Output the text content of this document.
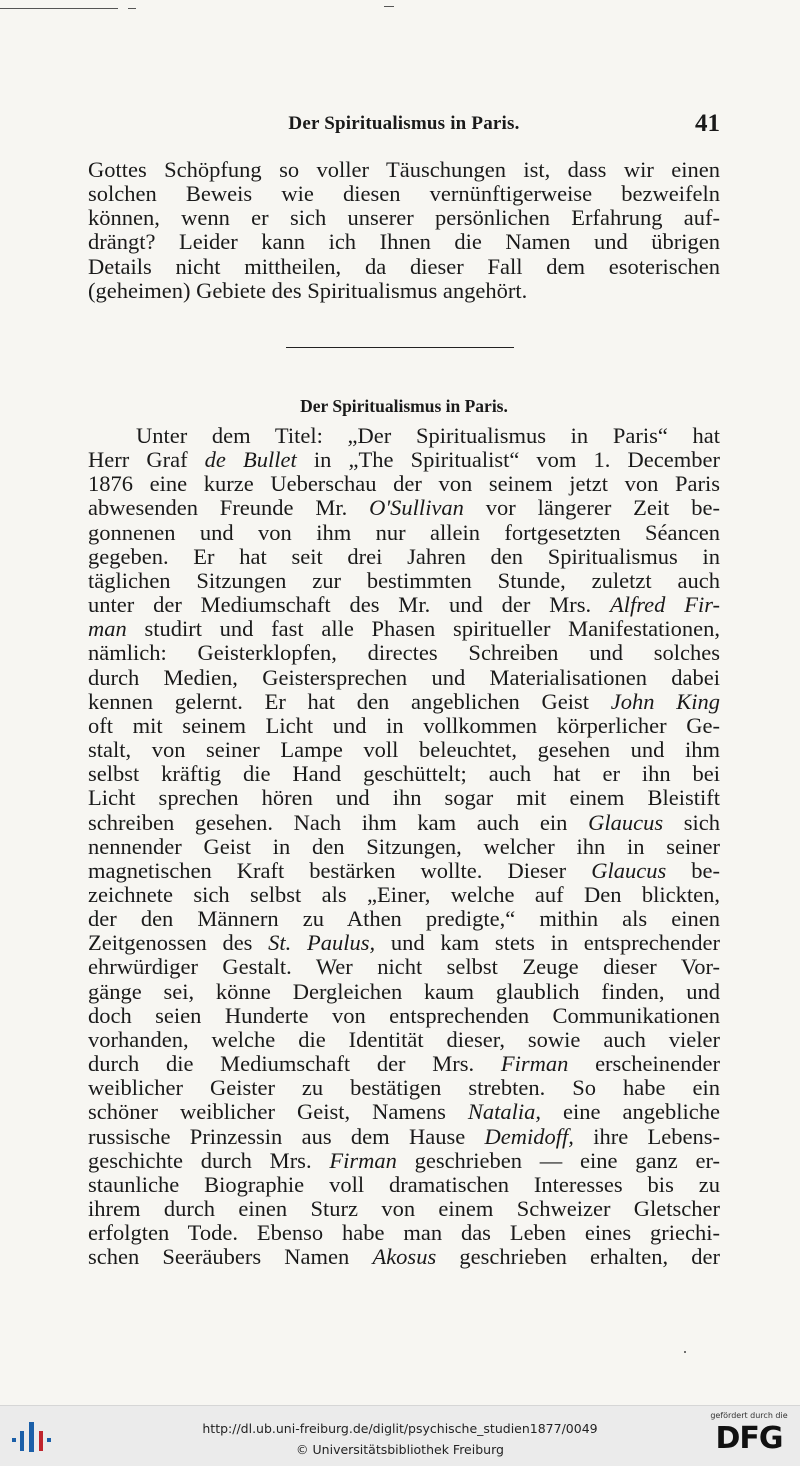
Der Spiritualismus in Paris.	41
Gottes Schöpfung so voller Täuschungen ist, dass wir einen
solchen Beweis wie diesen vernünftigerweise bezweifeln
können, wenn er sich unserer persönlichen Erfahrung auf-
drängt? Leider kann ich Ihnen die Namen und übrigen
Details nicht mittheilen, da dieser Fall dem esoterischen
(geheimen) Gebiete des Spiritualismus angehört.
Der Spiritualismus in Paris.
Unter dem Titel: „Der Spiritualismus in Paris“ hat
Herr Graf de Bullet in „The Spiritualist“ vom 1. December
1876 eine kurze Ueberschau der von seinem jetzt von Paris
abwesenden Freunde Mr. O'Sullivan vor längerer Zeit be-
gonnenen und von ihm nur allein fortgesetzten Séancen
gegeben. Er hat seit drei Jahren den Spiritualismus in
täglichen Sitzungen zur bestimmten Stunde, zuletzt auch
unter der Mediumschaft des Mr. und der Mrs. Alfred Fir-
man studirt und fast alle Phasen spiritueller Manifestationen,
nämlich: Geisterklopfen, directes Schreiben und solches
durch Medien, Geistersprechen und Materialisationen dabei
kennen gelernt. Er hat den angeblichen Geist John King
oft mit seinem Licht und in vollkommen körperlicher Ge-
stalt, von seiner Lampe voll beleuchtet, gesehen und ihm
selbst kräftig die Hand geschüttelt; auch hat er ihn bei
Licht sprechen hören und ihn sogar mit einem Bleistift
schreiben gesehen. Nach ihm kam auch ein Glaucus sich
nennender Geist in den Sitzungen, welcher ihn in seiner
magnetischen Kraft bestärken wollte. Dieser Glaucus be-
zeichnete sich selbst als „Einer, welche auf Den blickten,
der den Männern zu Athen predigte,“ mithin als einen
Zeitgenossen des St. Paulus, und kam stets in entsprechender
ehrwürdiger Gestalt. Wer nicht selbst Zeuge dieser Vor-
gänge sei, könne Dergleichen kaum glaublich finden, und
doch seien Hunderte von entsprechenden Communikationen
vorhanden, welche die Identität dieser, sowie auch vieler
durch die Mediumschaft der Mrs. Firman erscheinender
weiblicher Geister zu bestätigen strebten. So habe ein
schöner weiblicher Geist, Namens Natalia, eine angebliche
russische Prinzessin aus dem Hause Demidoff, ihre Lebens-
geschichte durch Mrs. Firman geschrieben — eine ganz er-
staunliche Biographie voll dramatischen Interesses bis zu
ihrem durch einen Sturz von einem Schweizer Gletscher
erfolgten Tode. Ebenso habe man das Leben eines griechi-
schen Seeräubers Namen Akosus geschrieben erhalten, der
http://dl.ub.uni-freiburg.de/diglit/psychische_studien1877/0049
© Universitätsbibliothek Freiburg
gefördert durch die
DFG
